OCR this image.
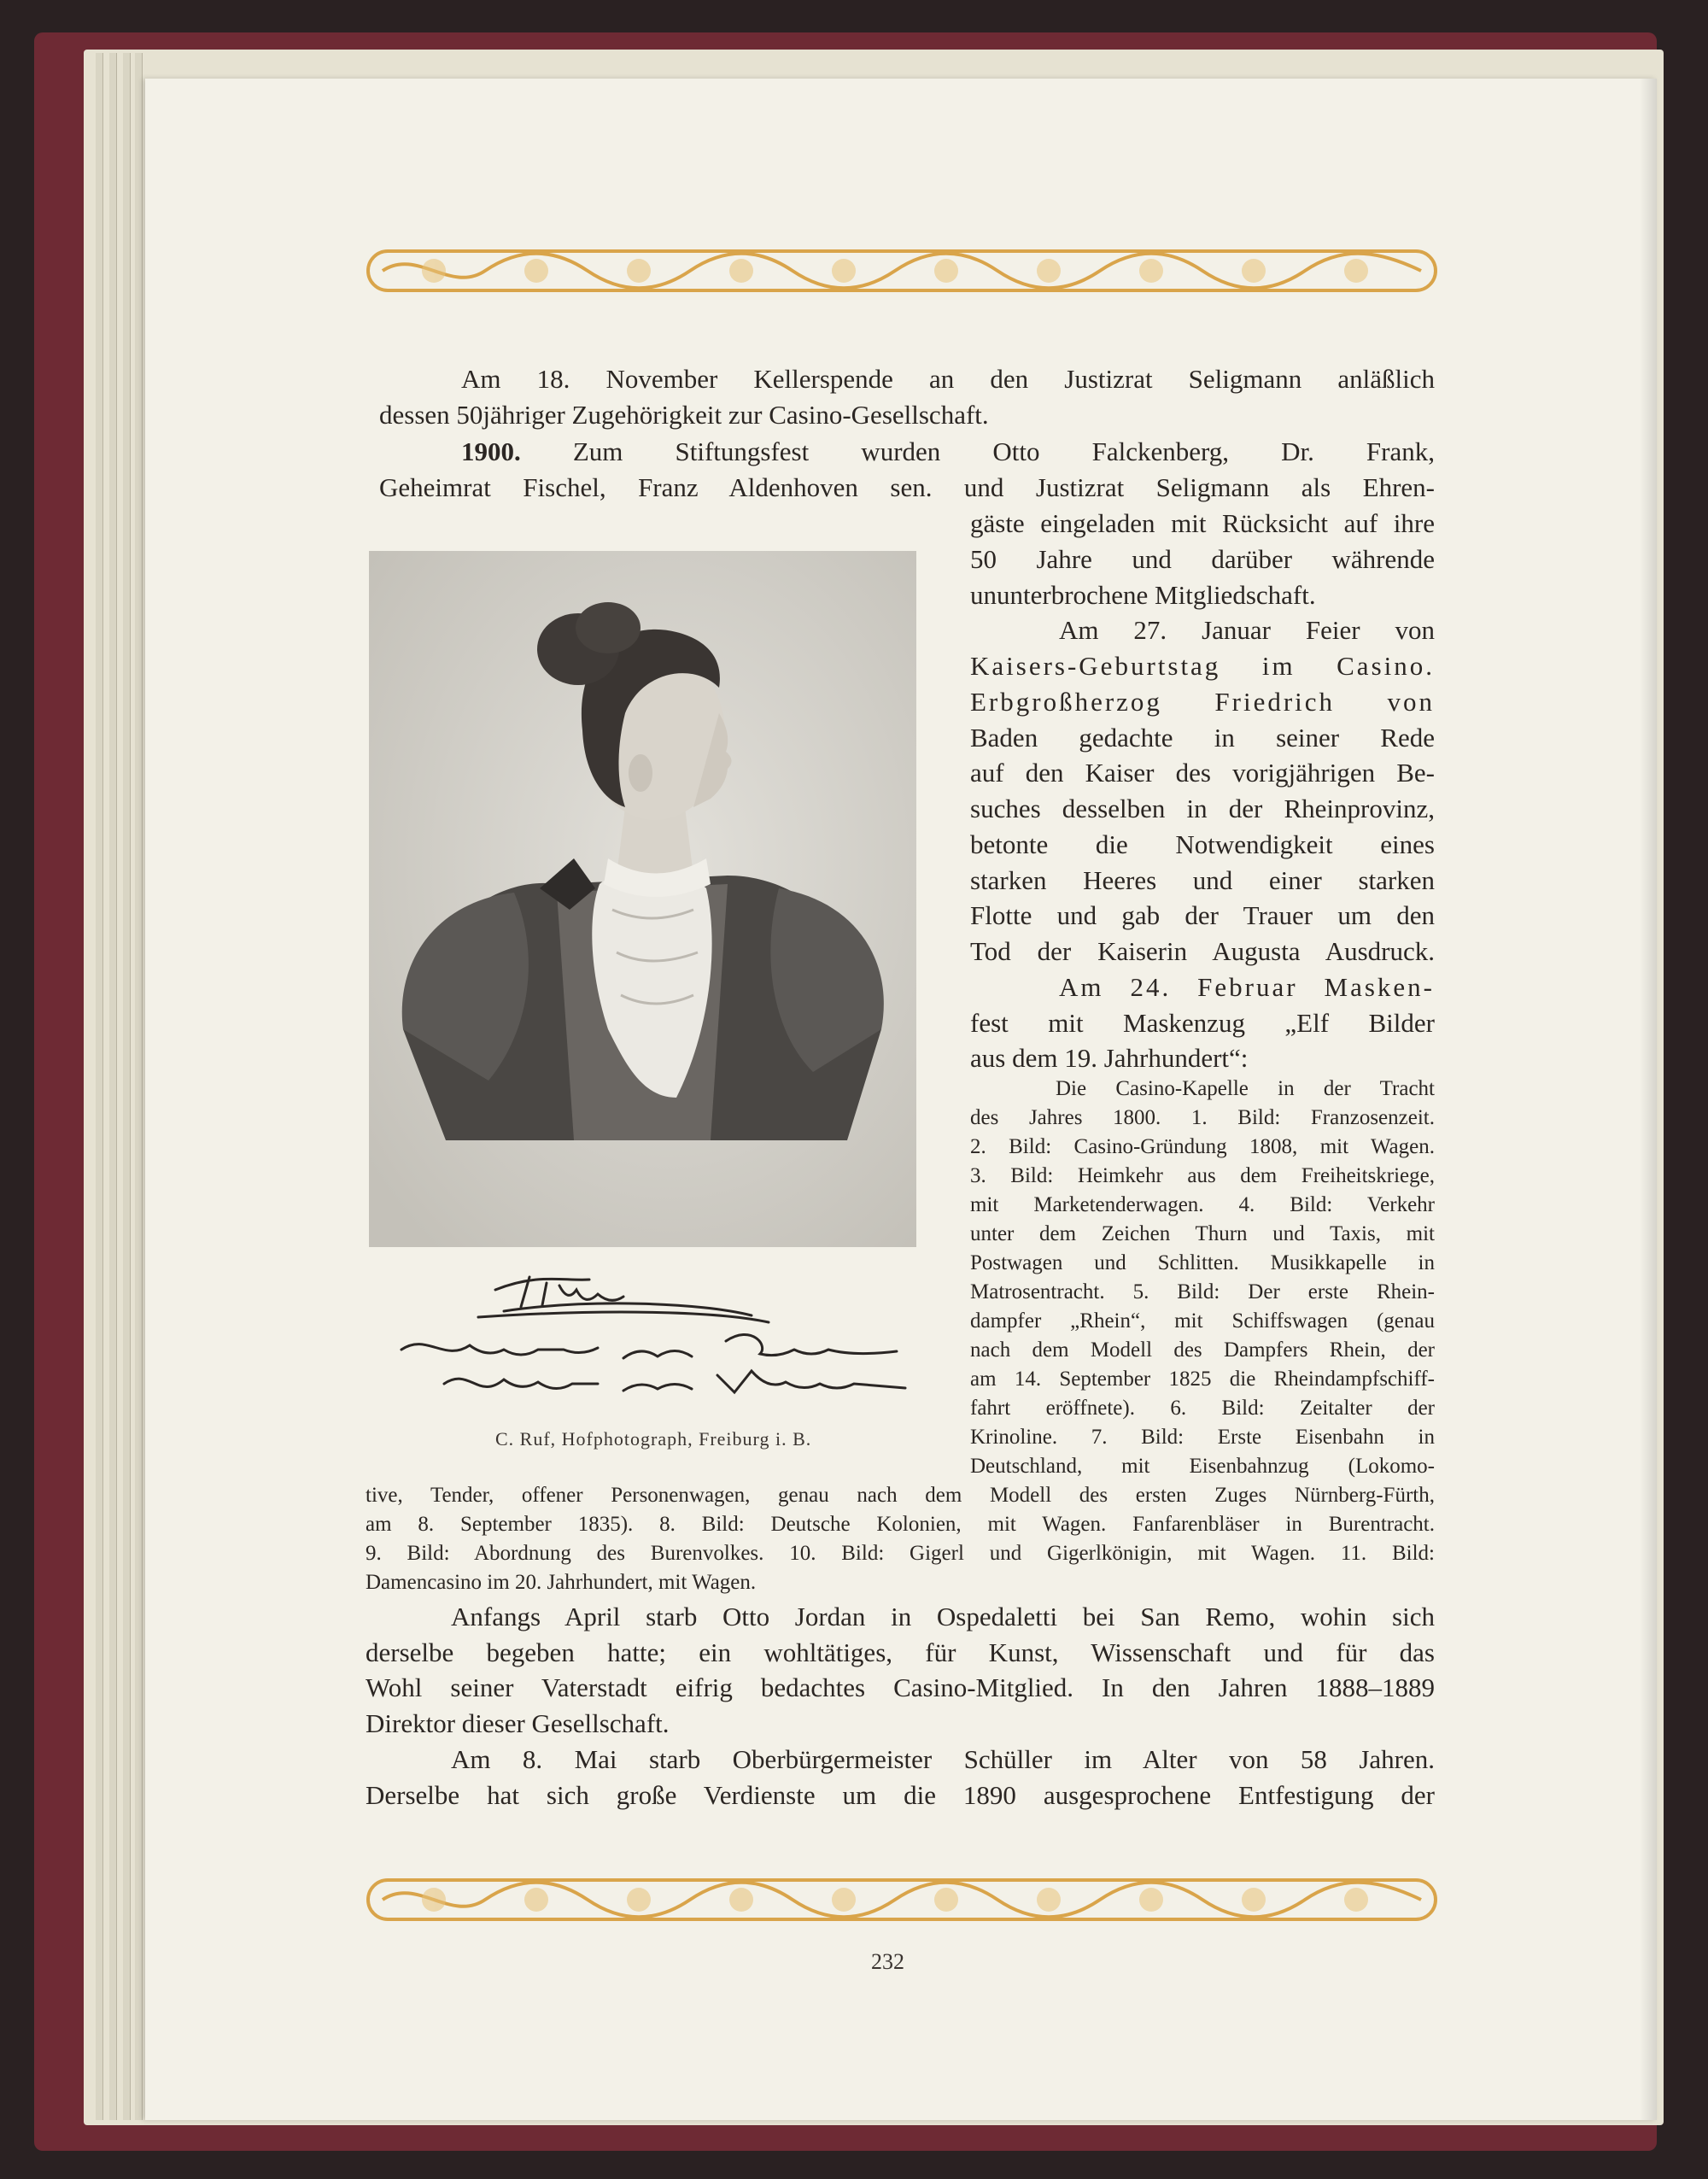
Am 18. November Kellerspende an den Justizrat Seligmann anläßlich

dessen 50jähriger Zugehörigkeit zur Casino-Gesellschaft.

1900. Zum Stiftungsfest wurden Otto Falckenberg, Dr. Frank,

Geheimrat Fischel, Franz Aldenhoven sen. und Justizrat Seligmann als Ehren-

C. Ruf, Hofphotograph, Freiburg i. B.

gäste eingeladen mit Rücksicht auf ihre

50 Jahre und darüber währende

ununterbrochene Mitgliedschaft.

Am 27. Januar Feier von

Kaisers-Geburtstag im Casino.

Erbgroßherzog Friedrich von

Baden gedachte in seiner Rede

auf den Kaiser des vorigjährigen Be-

suches desselben in der Rheinprovinz,

betonte die Notwendigkeit eines

starken Heeres und einer starken

Flotte und gab der Trauer um den

Tod der Kaiserin Augusta Ausdruck.

Am 24. Februar Masken-

fest mit Maskenzug „Elf Bilder

aus dem 19. Jahrhundert“:

Die Casino-Kapelle in der Tracht

des Jahres 1800. 1. Bild: Franzosenzeit.

2. Bild: Casino-Gründung 1808, mit Wagen.

3. Bild: Heimkehr aus dem Freiheitskriege,

mit Marketenderwagen. 4. Bild: Verkehr

unter dem Zeichen Thurn und Taxis, mit

Postwagen und Schlitten. Musikkapelle in

Matrosentracht. 5. Bild: Der erste Rhein-

dampfer „Rhein“, mit Schiffswagen (genau

nach dem Modell des Dampfers Rhein, der

am 14. September 1825 die Rheindampfschiff-

fahrt eröffnete). 6. Bild: Zeitalter der

Krinoline. 7. Bild: Erste Eisenbahn in

Deutschland, mit Eisenbahnzug (Lokomo-

tive, Tender, offener Personenwagen, genau nach dem Modell des ersten Zuges Nürnberg-Fürth,

am 8. September 1835). 8. Bild: Deutsche Kolonien, mit Wagen. Fanfarenbläser in Burentracht.

9. Bild: Abordnung des Burenvolkes. 10. Bild: Gigerl und Gigerlkönigin, mit Wagen. 11. Bild:

Damencasino im 20. Jahrhundert, mit Wagen.

Anfangs April starb Otto Jordan in Ospedaletti bei San Remo, wohin sich

derselbe begeben hatte; ein wohltätiges, für Kunst, Wissenschaft und für das

Wohl seiner Vaterstadt eifrig bedachtes Casino-Mitglied. In den Jahren 1888–1889

Direktor dieser Gesellschaft.

Am 8. Mai starb Oberbürgermeister Schüller im Alter von 58 Jahren.

Derselbe hat sich große Verdienste um die 1890 ausgesprochene Entfestigung der

232
